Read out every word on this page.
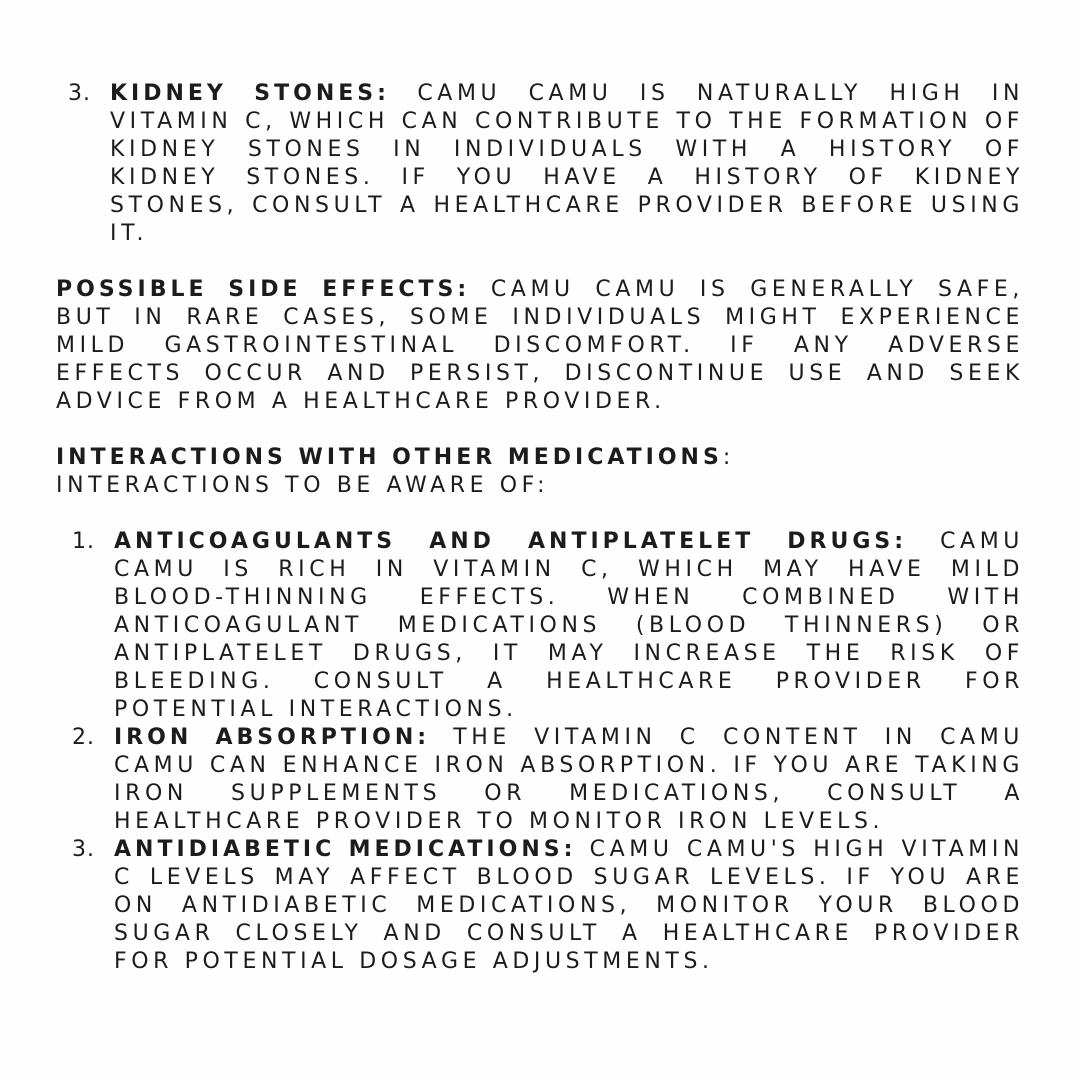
3. KIDNEY STONES: CAMU CAMU IS NATURALLY HIGH IN VITAMIN C, WHICH CAN CONTRIBUTE TO THE FORMATION OF KIDNEY STONES IN INDIVIDUALS WITH A HISTORY OF KIDNEY STONES. IF YOU HAVE A HISTORY OF KIDNEY STONES, CONSULT A HEALTHCARE PROVIDER BEFORE USING IT.

POSSIBLE SIDE EFFECTS: CAMU CAMU IS GENERALLY SAFE, BUT IN RARE CASES, SOME INDIVIDUALS MIGHT EXPERIENCE MILD GASTROINTESTINAL DISCOMFORT. IF ANY ADVERSE EFFECTS OCCUR AND PERSIST, DISCONTINUE USE AND SEEK ADVICE FROM A HEALTHCARE PROVIDER.

INTERACTIONS WITH OTHER MEDICATIONS:

INTERACTIONS TO BE AWARE OF:

1. ANTICOAGULANTS AND ANTIPLATELET DRUGS: CAMU CAMU IS RICH IN VITAMIN C, WHICH MAY HAVE MILD BLOOD-THINNING EFFECTS. WHEN COMBINED WITH ANTICOAGULANT MEDICATIONS (BLOOD THINNERS) OR ANTIPLATELET DRUGS, IT MAY INCREASE THE RISK OF BLEEDING. CONSULT A HEALTHCARE PROVIDER FOR POTENTIAL INTERACTIONS.
2. IRON ABSORPTION: THE VITAMIN C CONTENT IN CAMU CAMU CAN ENHANCE IRON ABSORPTION. IF YOU ARE TAKING IRON SUPPLEMENTS OR MEDICATIONS, CONSULT A HEALTHCARE PROVIDER TO MONITOR IRON LEVELS.
3. ANTIDIABETIC MEDICATIONS: CAMU CAMU'S HIGH VITAMIN C LEVELS MAY AFFECT BLOOD SUGAR LEVELS. IF YOU ARE ON ANTIDIABETIC MEDICATIONS, MONITOR YOUR BLOOD SUGAR CLOSELY AND CONSULT A HEALTHCARE PROVIDER FOR POTENTIAL DOSAGE ADJUSTMENTS.
